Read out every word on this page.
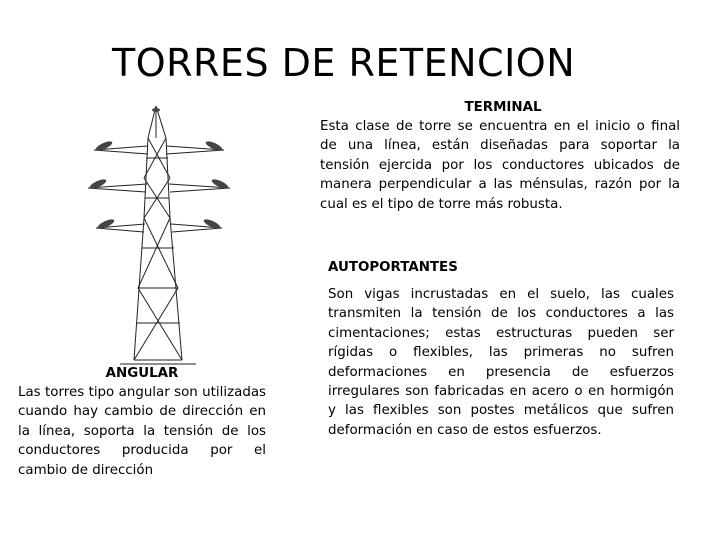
TORRES DE RETENCION
TERMINAL

Esta clase de torre se encuentra en el inicio o final de una línea, están diseñadas para soportar la tensión ejercida por los conductores ubicados de manera perpendicular a las ménsulas, razón por la cual es el tipo de torre más robusta.

AUTOPORTANTES

Son vigas incrustadas en el suelo, las cuales transmiten la tensión de los conductores a las cimentaciones; estas estructuras pueden ser rígidas o flexibles, las primeras no sufren deformaciones en presencia de esfuerzos irregulares son fabricadas en acero o en hormigón y las flexibles son postes metálicos que sufren deformación en caso de estos esfuerzos.

ANGULAR

Las torres tipo angular son utilizadas cuando hay cambio de dirección en la línea, soporta la tensión de los conductores producida por el cambio de dirección
